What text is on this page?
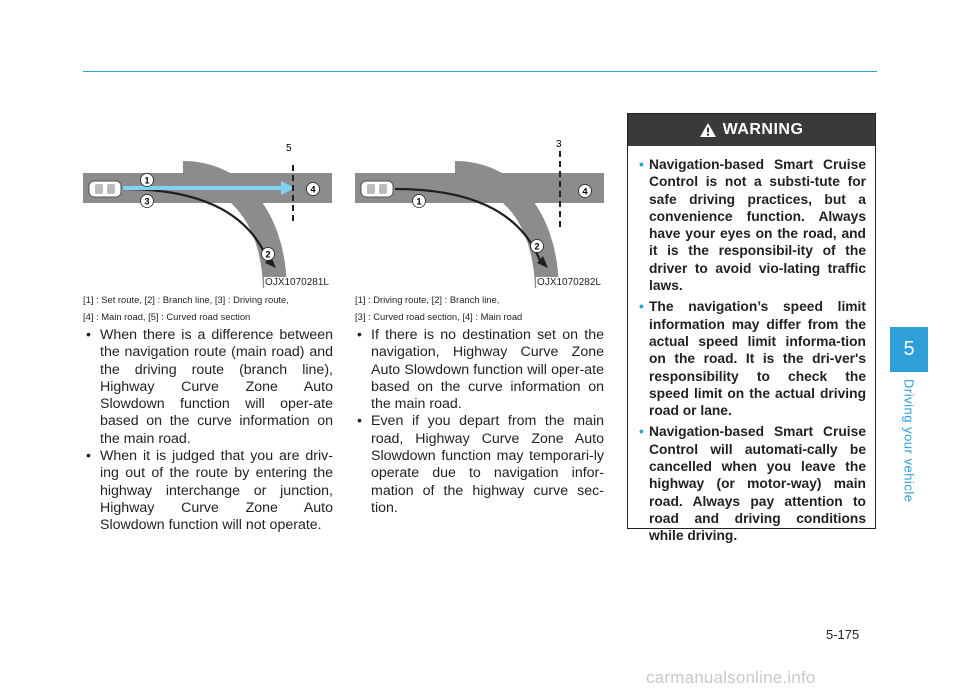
1
3
4
2
5
OJX1070281L
1
4
2
3
OJX1070282L
[1] : Set route, [2] : Branch line, [3] : Driving route,
[4] : Main road, [5] : Curved road section
[1] : Driving route, [2] : Branch line,
[3] : Curved road section, [4] : Main road
• When there is a difference between the navigation route (main road) and the driving route (branch line), Highway Curve Zone Auto Slowdown function will oper-ate based on the curve information on the main road.
• When it is judged that you are driv-ing out of the route by entering the highway interchange or junction, Highway Curve Zone Auto Slowdown function will not operate.
• If there is no destination set on the navigation, Highway Curve Zone Auto Slowdown function will oper-ate based on the curve information on the main road.
• Even if you depart from the main road, Highway Curve Zone Auto Slowdown function may temporari-ly operate due to navigation infor-mation of the highway curve sec-tion.
WARNING
• Navigation-based Smart Cruise Control is not a substi-tute for safe driving practices, but a convenience function. Always have your eyes on the road, and it is the responsibil-ity of the driver to avoid vio-lating traffic laws.
• The navigation’s speed limit information may differ from the actual speed limit informa-tion on the road. It is the dri-ver's responsibility to check the speed limit on the actual driving road or lane.
• Navigation-based Smart Cruise Control will automati-cally be cancelled when you leave the highway (or motor-way) main road. Always pay attention to road and driving conditions while driving.
5
Driving your vehicle
5-175
carmanualsonline.info
